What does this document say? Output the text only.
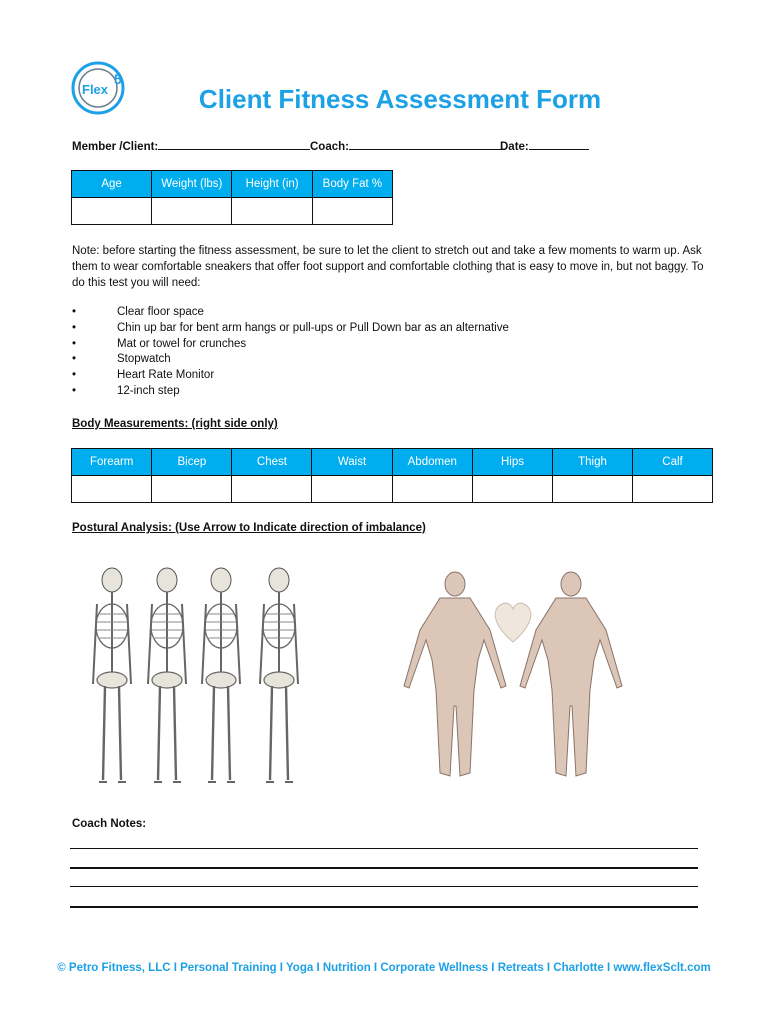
5
Flex	Client Fitness Assessment Form
Member /Client:	Coach:	Date:
Age	Weight (lbs)	Height (in)	Body Fat %

Note: before starting the fitness assessment, be sure to let the client to stretch out and take a few moments to warm up. Ask them to wear comfortable sneakers that offer foot support and comfortable clothing that is easy to move in, but not baggy. To do this test you will need:
•	Clear floor space
•	Chin up bar for bent arm hangs or pull-ups or Pull Down bar as an alternative
•	Mat or towel for crunches
•	Stopwatch
•	Heart Rate Monitor
•	12-inch step
Body Measurements: (right side only)
Forearm	Bicep	Chest	Waist	Abdomen	Hips	Thigh	Calf

Postural Analysis: (Use Arrow to Indicate direction of imbalance)
Coach Notes:
© Petro Fitness, LLC I Personal Training I Yoga I Nutrition I Corporate Wellness I Retreats I Charlotte I www.flexSclt.com
